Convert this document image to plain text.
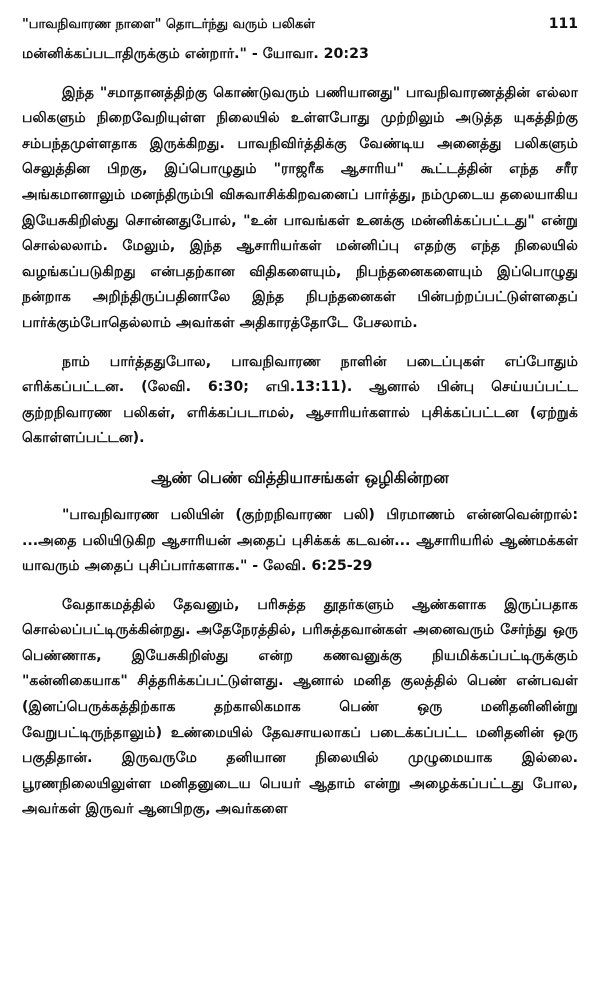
"பாவநிவாரண நாளை" தொடர்ந்து வரும் பலிகள்	111

மன்னிக்கப்படாதிருக்கும் என்றார்." - யோவா. 20:23

இந்த "சமாதானத்திற்கு கொண்டுவரும் பணியானது" பாவநிவாரணத்தின் எல்லா பலிகளும் நிறைவேறியுள்ள நிலையில் உள்ளபோது முற்றிலும் அடுத்த யுகத்திற்கு சம்பந்தமுள்ளதாக இருக்கிறது. பாவநிவிர்த்திக்கு வேண்டிய அனைத்து பலிகளும் செலுத்தின பிறகு, இப்பொழுதும் "ராஜரீக ஆசாரிய" கூட்டத்தின் எந்த சரீர அங்கமானாலும் மனந்திரும்பி விசுவாசிக்கிறவனைப் பார்த்து, நம்முடைய தலையாகிய இயேசுகிறிஸ்து சொன்னதுபோல், "உன் பாவங்கள் உனக்கு மன்னிக்கப்பட்டது" என்று சொல்லலாம். மேலும், இந்த ஆசாரியர்கள் மன்னிப்பு எதற்கு எந்த நிலையில் வழங்கப்படுகிறது என்பதற்கான விதிகளையும், நிபந்தனைகளையும் இப்பொழுது நன்றாக அறிந்திருப்பதினாலே இந்த நிபந்தனைகள் பின்பற்றப்பட்டுள்ளதைப் பார்க்கும்போதெல்லாம் அவர்கள் அதிகாரத்தோடே பேசலாம்.

நாம் பார்த்ததுபோல, பாவநிவாரண நாளின் படைப்புகள் எப்போதும் எரிக்கப்பட்டன. (லேவி. 6:30; எபி.13:11). ஆனால் பின்பு செய்யப்பட்ட குற்றநிவாரண பலிகள், எரிக்கப்படாமல், ஆசாரியர்களால் புசிக்கப்பட்டன (ஏற்றுக் கொள்ளப்பட்டன).

ஆண் பெண் வித்தியாசங்கள் ஒழிகின்றன

"பாவநிவாரண பலியின் (குற்றநிவாரண பலி) பிரமாணம் என்னவென்றால்: ...அதை பலியிடுகிற ஆசாரியன் அதைப் புசிக்கக் கடவன்... ஆசாரியரில் ஆண்மக்கள் யாவரும் அதைப் புசிப்பார்களாக." - லேவி. 6:25-29

வேதாகமத்தில் தேவனும், பரிசுத்த தூதர்களும் ஆண்களாக இருப்பதாக சொல்லப்பட்டிருக்கின்றது. அதேநேரத்தில், பரிசுத்தவான்கள் அனைவரும் சேர்ந்து ஒரு பெண்ணாக, இயேசுகிறிஸ்து என்ற கணவனுக்கு நியமிக்கப்பட்டிருக்கும் "கன்னிகையாக" சித்தரிக்கப்பட்டுள்ளது. ஆனால் மனித குலத்தில் பெண் என்பவள் (இனப்பெருக்கத்திற்காக தற்காலிகமாக பெண் ஒரு மனிதனினின்று வேறுபட்டிருந்தாலும்) உண்மையில் தேவசாயலாகப் படைக்கப்பட்ட மனிதனின் ஒரு பகுதிதான். இருவருமே தனியான நிலையில் முழுமையாக இல்லை. பூரணநிலையிலுள்ள மனிதனுடைய பெயர் ஆதாம் என்று அழைக்கப்பட்டது போல, அவர்கள் இருவர் ஆனபிறகு, அவர்களை
